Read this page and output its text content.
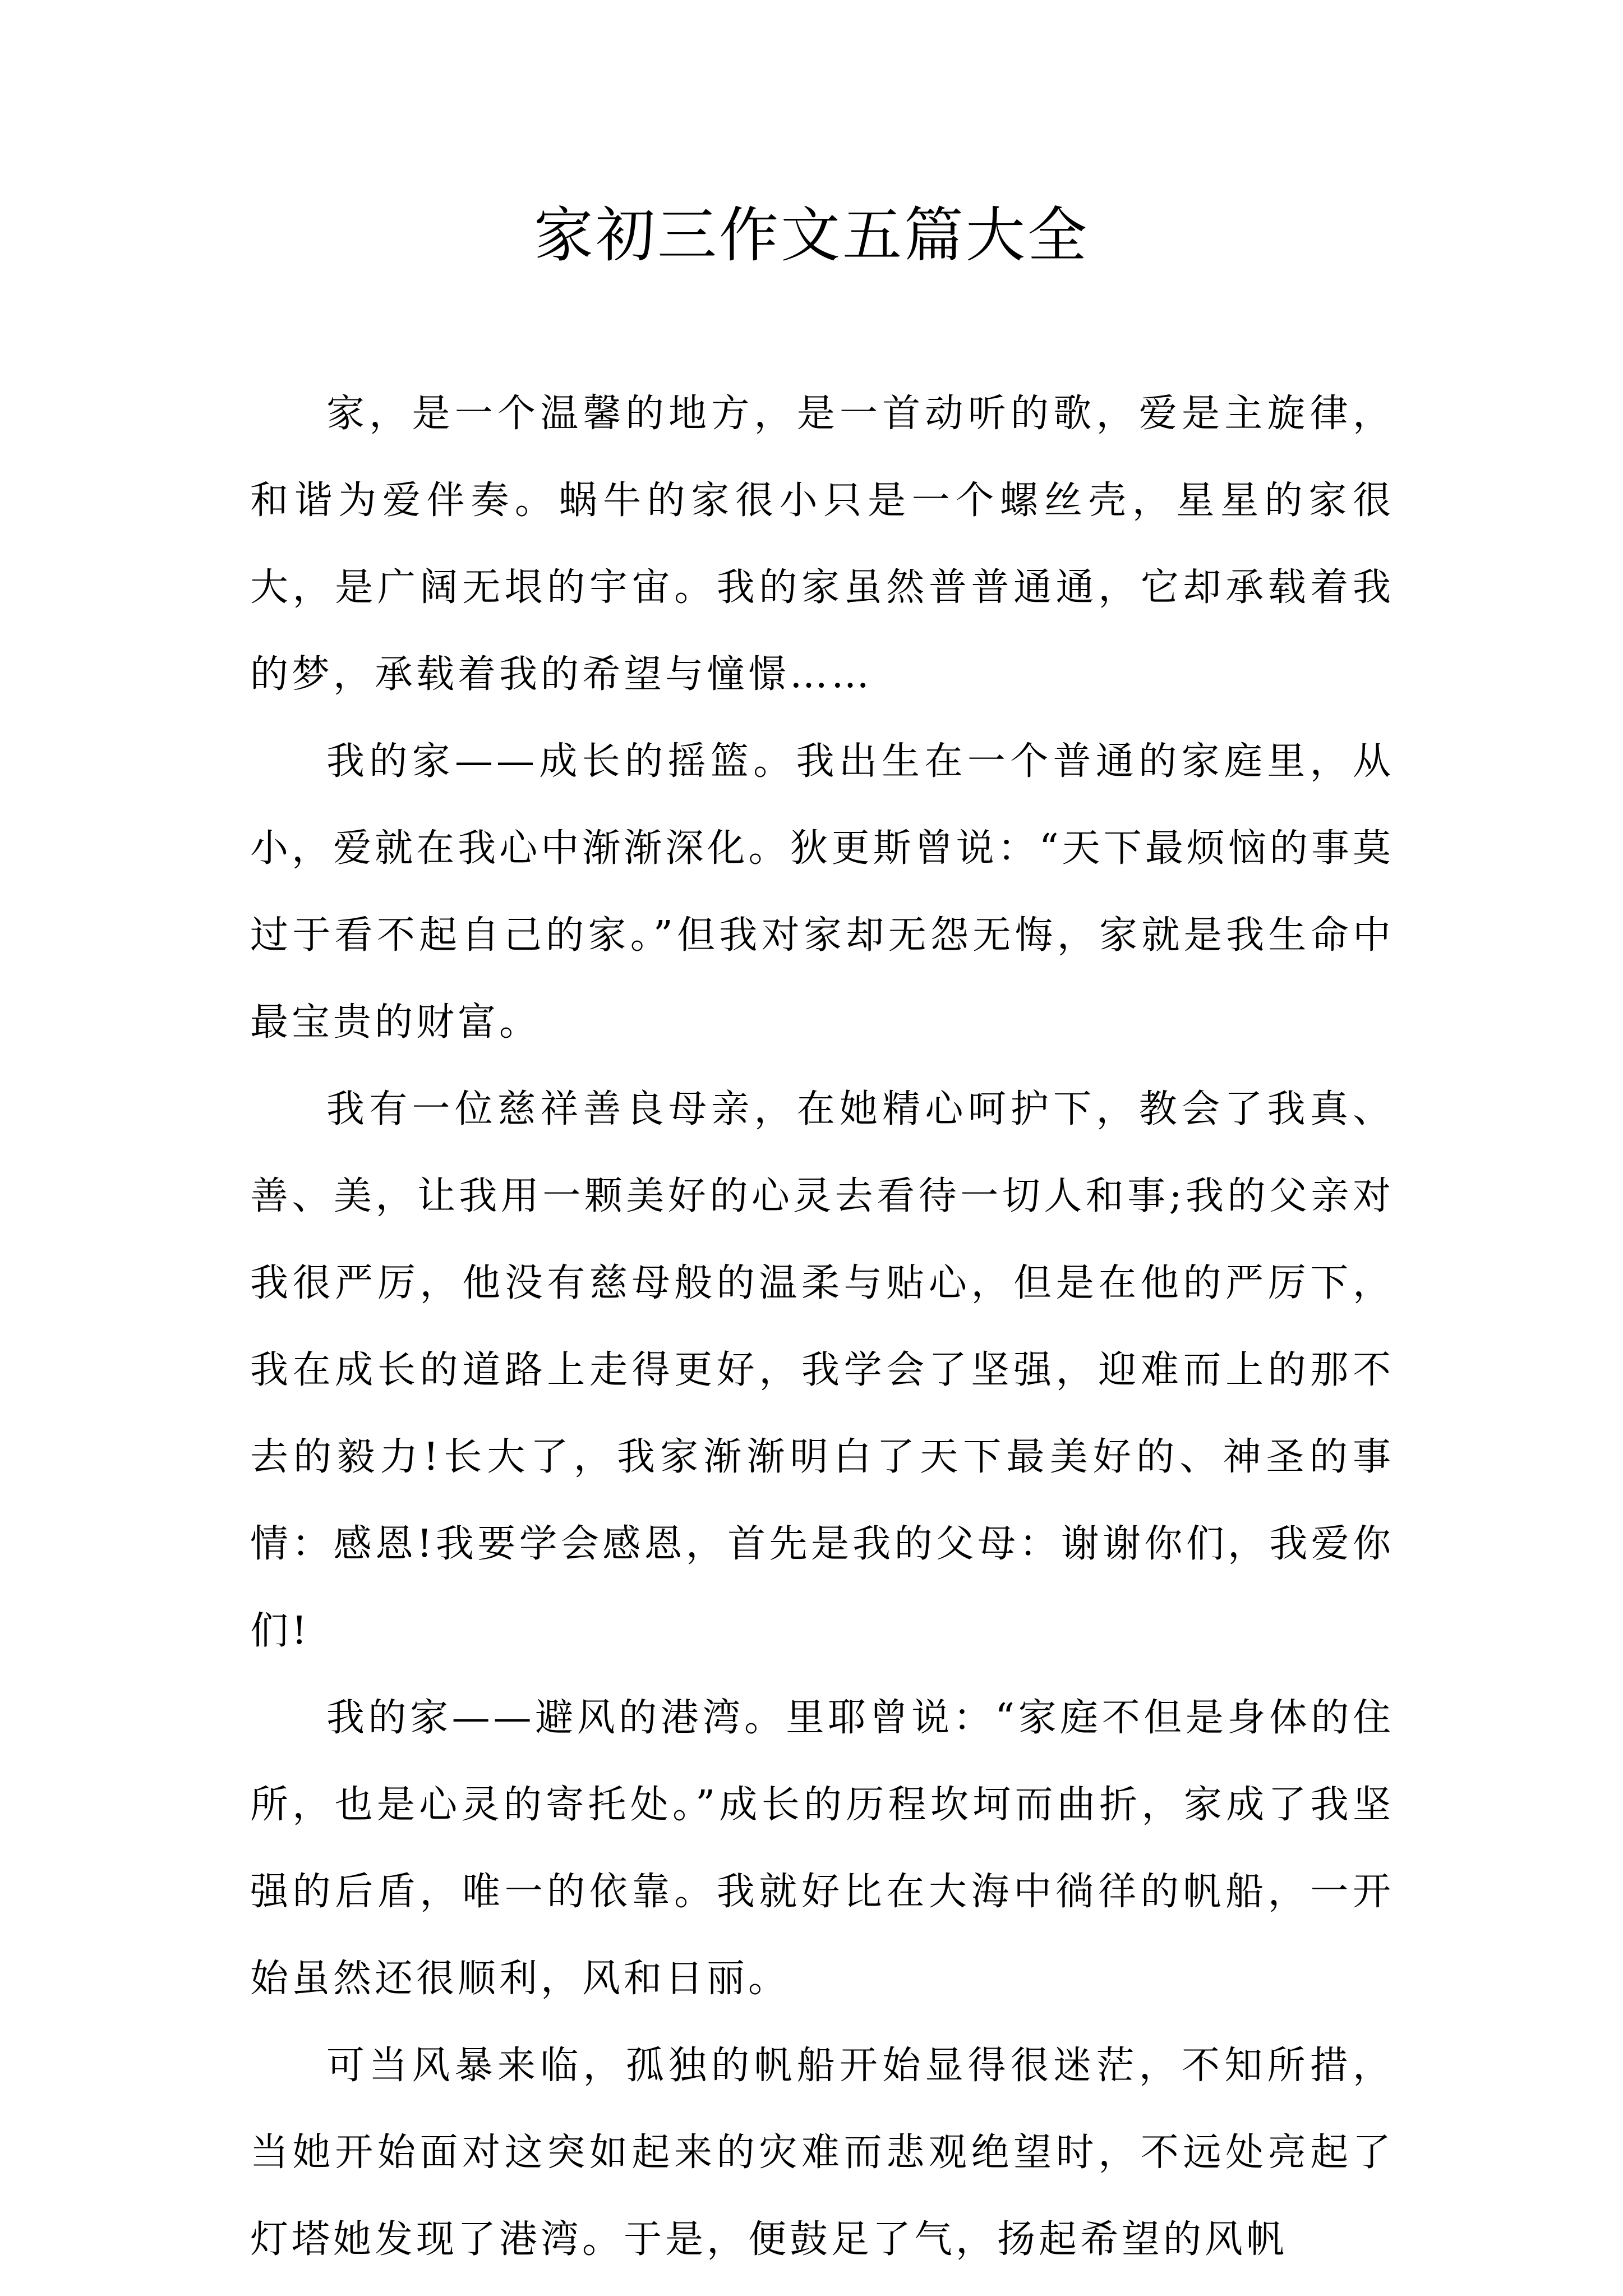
家初三作文五篇大全

家，是一个温馨的地方，是一首动听的歌，爱是主旋律，和谐为爱伴奏。蜗牛的家很小只是一个螺丝壳，星星的家很大，是广阔无垠的宇宙。我的家虽然普普通通，它却承载着我的梦，承载着我的希望与憧憬……

我的家——成长的摇篮。我出生在一个普通的家庭里，从小，爱就在我心中渐渐深化。狄更斯曾说：“天下最烦恼的事莫过于看不起自己的家。”但我对家却无怨无悔，家就是我生命中最宝贵的财富。

我有一位慈祥善良母亲，在她精心呵护下，教会了我真、善、美，让我用一颗美好的心灵去看待一切人和事;我的父亲对我很严厉，他没有慈母般的温柔与贴心，但是在他的严厉下，我在成长的道路上走得更好，我学会了坚强，迎难而上的那不去的毅力!长大了，我家渐渐明白了天下最美好的、神圣的事情：感恩!我要学会感恩，首先是我的父母：谢谢你们，我爱你们!

我的家——避风的港湾。里耶曾说：“家庭不但是身体的住所，也是心灵的寄托处。”成长的历程坎坷而曲折，家成了我坚强的后盾，唯一的依靠。我就好比在大海中徜徉的帆船，一开始虽然还很顺利，风和日丽。

可当风暴来临，孤独的帆船开始显得很迷茫，不知所措，当她开始面对这突如起来的灾难而悲观绝望时，不远处亮起了灯塔她发现了港湾。于是，便鼓足了气，扬起希望的风帆
